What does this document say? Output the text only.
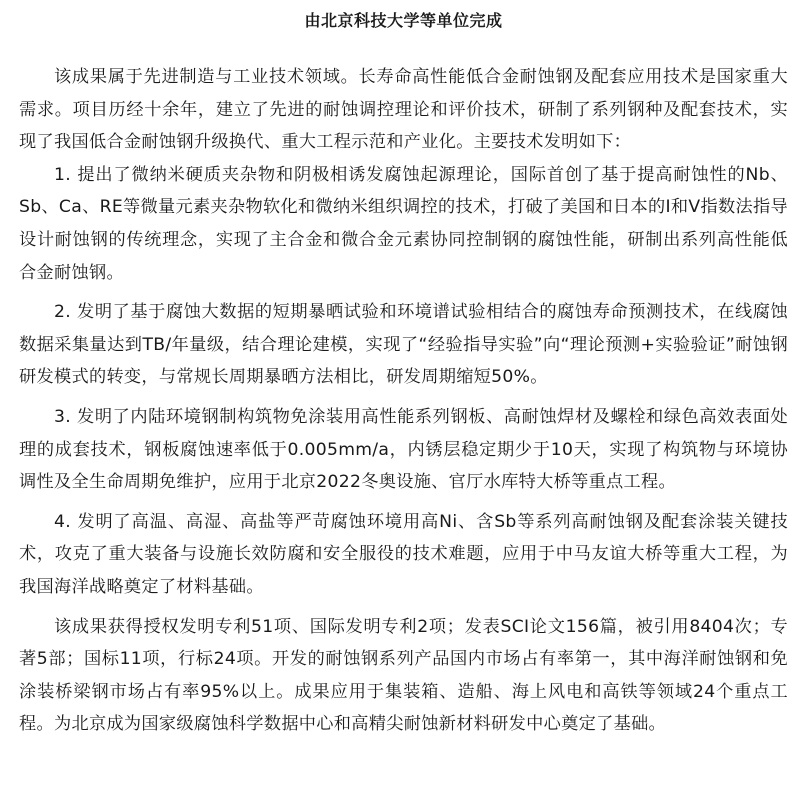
由北京科技大学等单位完成

该成果属于先进制造与工业技术领域。长寿命高性能低合金耐蚀钢及配套应用技术是国家重大需求。项目历经十余年，建立了先进的耐蚀调控理论和评价技术，研制了系列钢种及配套技术，实现了我国低合金耐蚀钢升级换代、重大工程示范和产业化。主要技术发明如下：

1. 提出了微纳米硬质夹杂物和阴极相诱发腐蚀起源理论，国际首创了基于提高耐蚀性的Nb、Sb、Ca、RE等微量元素夹杂物软化和微纳米组织调控的技术，打破了美国和日本的I和V指数法指导设计耐蚀钢的传统理念，实现了主合金和微合金元素协同控制钢的腐蚀性能，研制出系列高性能低合金耐蚀钢。

2. 发明了基于腐蚀大数据的短期暴晒试验和环境谱试验相结合的腐蚀寿命预测技术，在线腐蚀数据采集量达到TB/年量级，结合理论建模，实现了“经验指导实验”向“理论预测+实验验证”耐蚀钢研发模式的转变，与常规长周期暴晒方法相比，研发周期缩短50%。

3. 发明了内陆环境钢制构筑物免涂装用高性能系列钢板、高耐蚀焊材及螺栓和绿色高效表面处理的成套技术，钢板腐蚀速率低于0.005mm/a，内锈层稳定期少于10天，实现了构筑物与环境协调性及全生命周期免维护，应用于北京2022冬奥设施、官厅水库特大桥等重点工程。

4. 发明了高温、高湿、高盐等严苛腐蚀环境用高Ni、含Sb等系列高耐蚀钢及配套涂装关键技术，攻克了重大装备与设施长效防腐和安全服役的技术难题，应用于中马友谊大桥等重大工程，为我国海洋战略奠定了材料基础。

该成果获得授权发明专利51项、国际发明专利2项；发表SCI论文156篇，被引用8404次；专著5部；国标11项，行标24项。开发的耐蚀钢系列产品国内市场占有率第一，其中海洋耐蚀钢和免涂装桥梁钢市场占有率95%以上。成果应用于集装箱、造船、海上风电和高铁等领域24个重点工程。为北京成为国家级腐蚀科学数据中心和高精尖耐蚀新材料研发中心奠定了基础。
